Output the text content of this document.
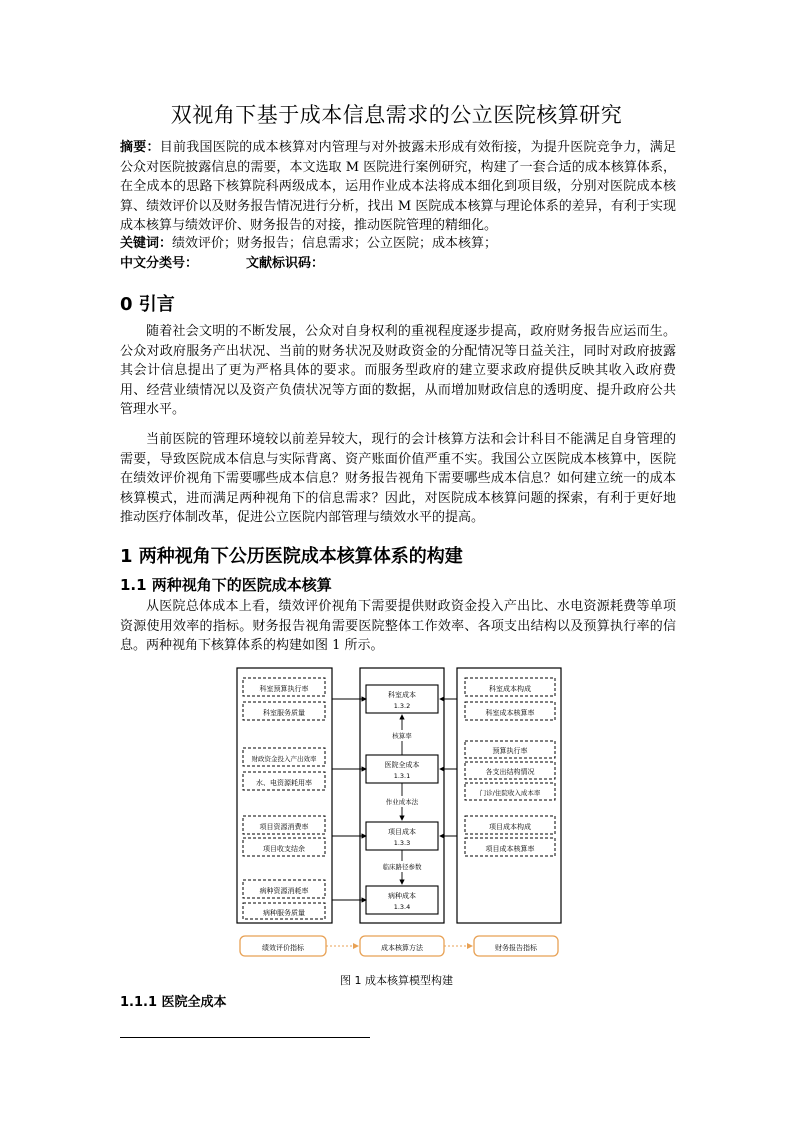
双视角下基于成本信息需求的公立医院核算研究

摘要：目前我国医院的成本核算对内管理与对外披露未形成有效衔接，为提升医院竞争力，满足公众对医院披露信息的需要，本文选取 M 医院进行案例研究，构建了一套合适的成本核算体系，在全成本的思路下核算院科两级成本，运用作业成本法将成本细化到项目级，分别对医院成本核算、绩效评价以及财务报告情况进行分析，找出 M 医院成本核算与理论体系的差异，有利于实现成本核算与绩效评价、财务报告的对接，推动医院管理的精细化。

关键词：绩效评价；财务报告；信息需求；公立医院；成本核算；

中文分类号：	文献标识码：

0 引言

随着社会文明的不断发展，公众对自身权利的重视程度逐步提高，政府财务报告应运而生。公众对政府服务产出状况、当前的财务状况及财政资金的分配情况等日益关注，同时对政府披露其会计信息提出了更为严格具体的要求。而服务型政府的建立要求政府提供反映其收入政府费用、经营业绩情况以及资产负债状况等方面的数据，从而增加财政信息的透明度、提升政府公共管理水平。

当前医院的管理环境较以前差异较大，现行的会计核算方法和会计科目不能满足自身管理的需要，导致医院成本信息与实际背离、资产账面价值严重不实。我国公立医院成本核算中，医院在绩效评价视角下需要哪些成本信息？财务报告视角下需要哪些成本信息？如何建立统一的成本核算模式，进而满足两种视角下的信息需求？因此，对医院成本核算问题的探索，有利于更好地推动医疗体制改革，促进公立医院内部管理与绩效水平的提高。

1 两种视角下公历医院成本核算体系的构建
1.1 两种视角下的医院成本核算

从医院总体成本上看，绩效评价视角下需要提供财政资金投入产出比、水电资源耗费等单项资源使用效率的指标。财务报告视角需要医院整体工作效率、各项支出结构以及预算执行率的信息。两种视角下核算体系的构建如图 1 所示。

科室预算执行率
科室服务质量
财政资金投入产出效率
水、电资源耗用率
项目资源消费率
项目收支结余
病种资源消耗率
病种服务质量
科室成本
1.3.2
医院全成本
1.3.1
项目成本
1.3.3
病种成本
1.3.4
核算率
作业成本法
临床路径参数
科室成本构成
科室成本核算率
预算执行率
各支出结构情况
门诊/住院收入成本率
项目成本构成
项目成本核算率
绩效评价指标	成本核算方法	财务报告指标
图 1 成本核算模型构建
1.1.1 医院全成本
